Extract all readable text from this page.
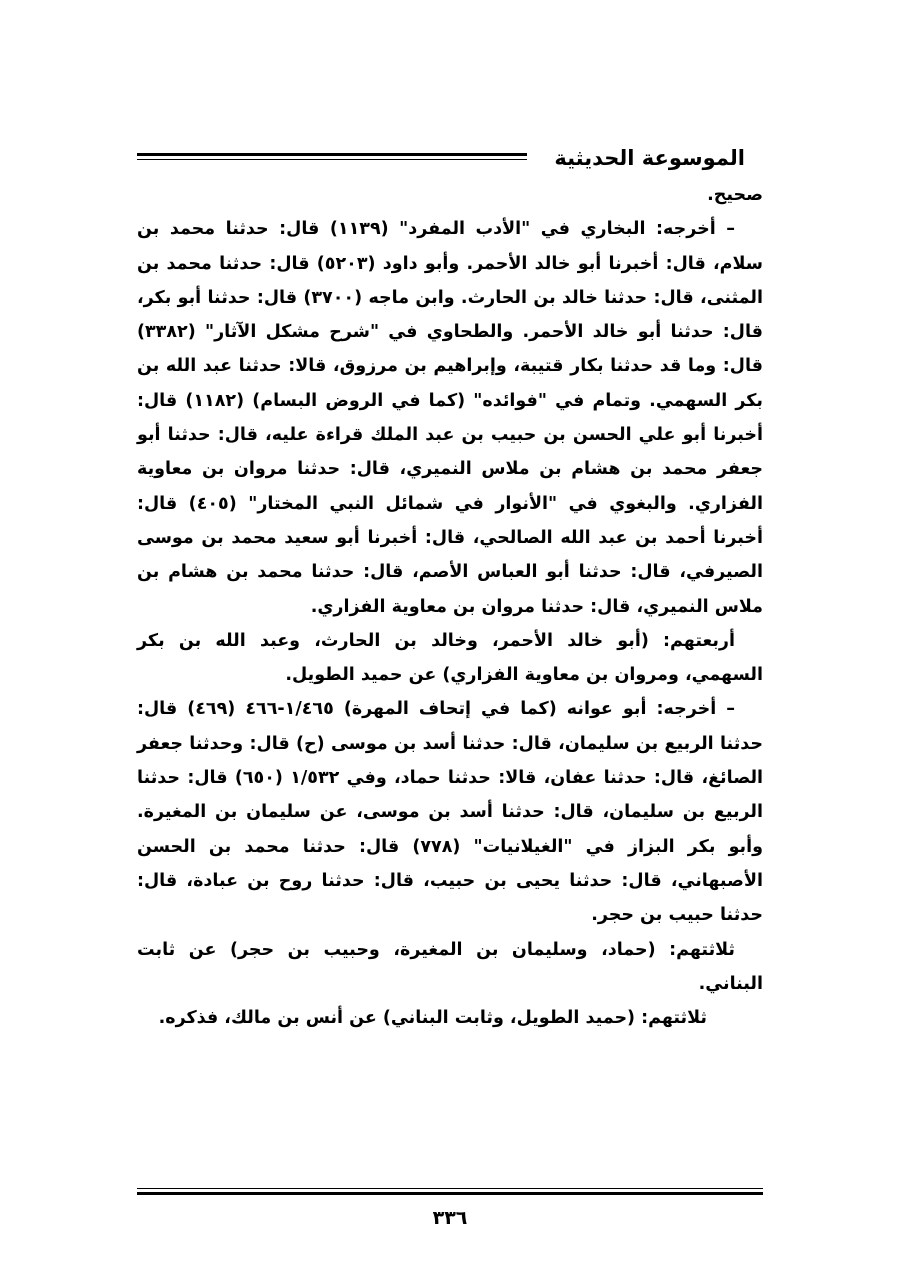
الموسوعة الحديثية

صحيح.

– أخرجه: البخاري في "الأدب المفرد" (١١٣٩) قال: حدثنا محمد بن سلام، قال: أخبرنا أبو خالد الأحمر. وأبو داود (٥٢٠٣) قال: حدثنا محمد بن المثنى، قال: حدثنا خالد بن الحارث. وابن ماجه (٣٧٠٠) قال: حدثنا أبو بكر، قال: حدثنا أبو خالد الأحمر. والطحاوي في "شرح مشكل الآثار" (٣٣٨٢) قال: وما قد حدثنا بكار قتيبة، وإبراهيم بن مرزوق، قالا: حدثنا عبد الله بن بكر السهمي. وتمام في "فوائده" (كما في الروض البسام) (١١٨٢) قال: أخبرنا أبو علي الحسن بن حبيب بن عبد الملك قراءة عليه، قال: حدثنا أبو جعفر محمد بن هشام بن ملاس النميري، قال: حدثنا مروان بن معاوية الفزاري. والبغوي في "الأنوار في شمائل النبي المختار" (٤٠٥) قال: أخبرنا أحمد بن عبد الله الصالحي، قال: أخبرنا أبو سعيد محمد بن موسى الصيرفي، قال: حدثنا أبو العباس الأصم، قال: حدثنا محمد بن هشام بن ملاس النميري، قال: حدثنا مروان بن معاوية الفزاري.

أربعتهم: (أبو خالد الأحمر، وخالد بن الحارث، وعبد الله بن بكر السهمي، ومروان بن معاوية الفزاري) عن حميد الطويل.

– أخرجه: أبو عوانه (كما في إتحاف المهرة) ١/٤٦٥-٤٦٦ (٤٦٩) قال: حدثنا الربيع بن سليمان، قال: حدثنا أسد بن موسى (ح) قال: وحدثنا جعفر الصائغ، قال: حدثنا عفان، قالا: حدثنا حماد، وفي ١/٥٣٢ (٦٥٠) قال: حدثنا الربيع بن سليمان، قال: حدثنا أسد بن موسى، عن سليمان بن المغيرة. وأبو بكر البزاز في "الغيلانيات" (٧٧٨) قال: حدثنا محمد بن الحسن الأصبهاني، قال: حدثنا يحيى بن حبيب، قال: حدثنا روح بن عبادة، قال: حدثنا حبيب بن حجر.

ثلاثتهم: (حماد، وسليمان بن المغيرة، وحبيب بن حجر) عن ثابت البناني.

ثلاثتهم: (حميد الطويل، وثابت البناني) عن أنس بن مالك، فذكره.

٣٣٦
